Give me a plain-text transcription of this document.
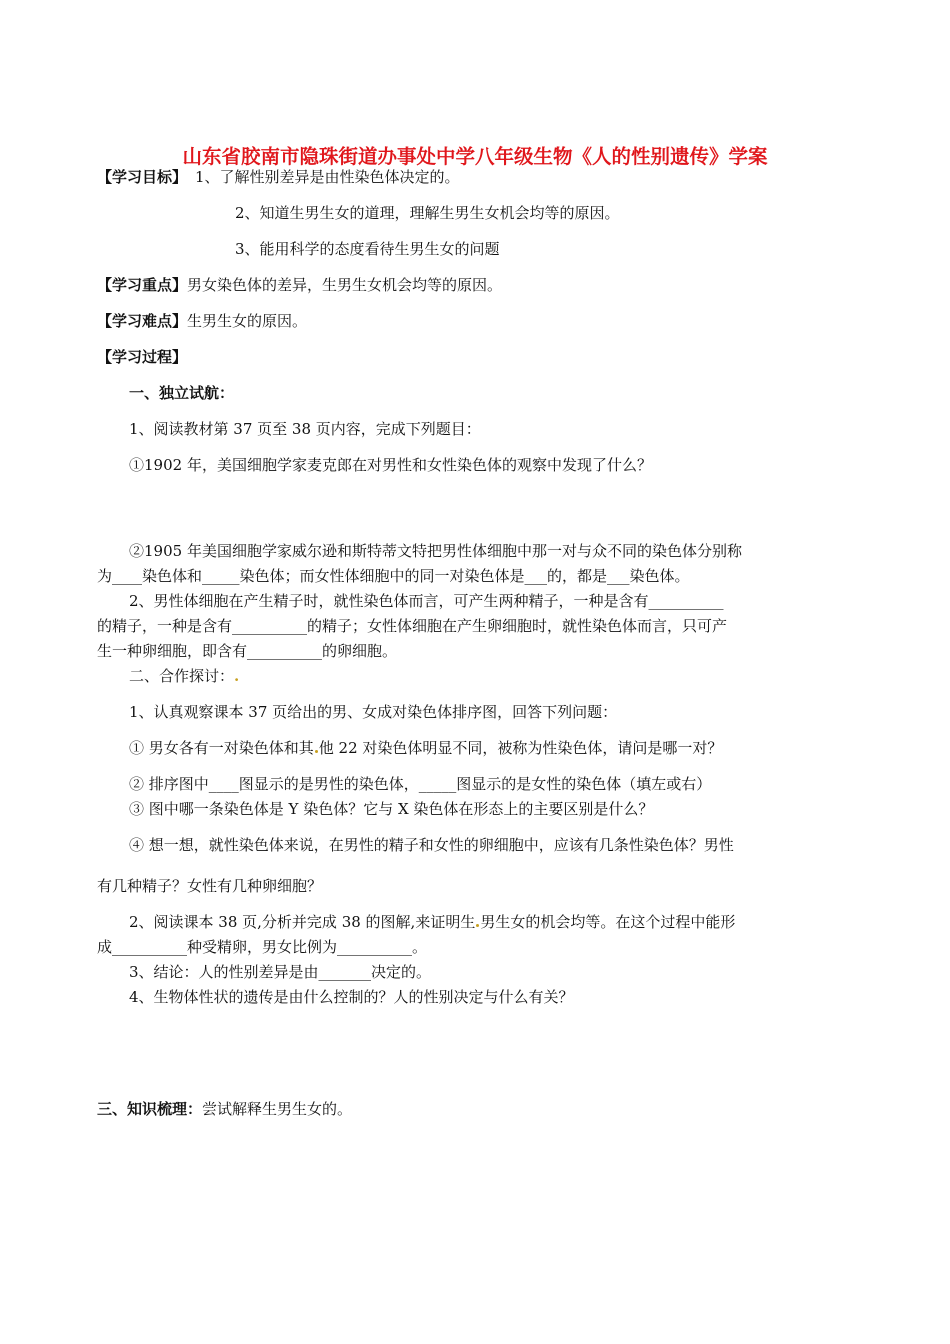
山东省胶南市隐珠街道办事处中学八年级生物《人的性别遗传》学案
【学习目标】 1、了解性别差异是由性染色体决定的。
2、知道生男生女的道理，理解生男生女机会均等的原因。
3、能用科学的态度看待生男生女的问题
【学习重点】男女染色体的差异，生男生女机会均等的原因。
【学习难点】生男生女的原因。
【学习过程】
一、独立试航：
1、阅读教材第 37 页至 38 页内容，完成下列题目：
①1902 年，美国细胞学家麦克郎在对男性和女性染色体的观察中发现了什么？
②1905 年美国细胞学家威尔逊和斯特蒂文特把男性体细胞中那一对与众不同的染色体分别称
为____染色体和_____染色体；而女性体细胞中的同一对染色体是___的，都是___染色体。
2、男性体细胞在产生精子时，就性染色体而言，可产生两种精子，一种是含有__________
的精子，一种是含有__________的精子；女性体细胞在产生卵细胞时，就性染色体而言，只可产
生一种卵细胞，即含有__________的卵细胞。
二、合作探讨：.
1、认真观察课本 37 页给出的男、女成对染色体排序图，回答下列问题：
① 男女各有一对染色体和其 他 22 对染色体明显不同，被称为性染色体，请问是哪一对？
② 排序图中____图显示的是男性的染色体，_____图显示的是女性的染色体（填左或右）
③ 图中哪一条染色体是 Y 染色体？它与 X 染色体在形态上的主要区别是什么？
④ 想一想，就性染色体来说，在男性的精子和女性的卵细胞中，应该有几条性染色体？男性
有几种精子？女性有几种卵细胞？
2、阅读课本 38 页,分析并完成 38 的图解,来证明生 男生女的机会均等。在这个过程中能形
成__________种受精卵，男女比例为__________。
3、结论：人的性别差异是由_______决定的。
4、生物体性状的遗传是由什么控制的？人的性别决定与什么有关？
三、知识梳理：尝试解释生男生女的。
